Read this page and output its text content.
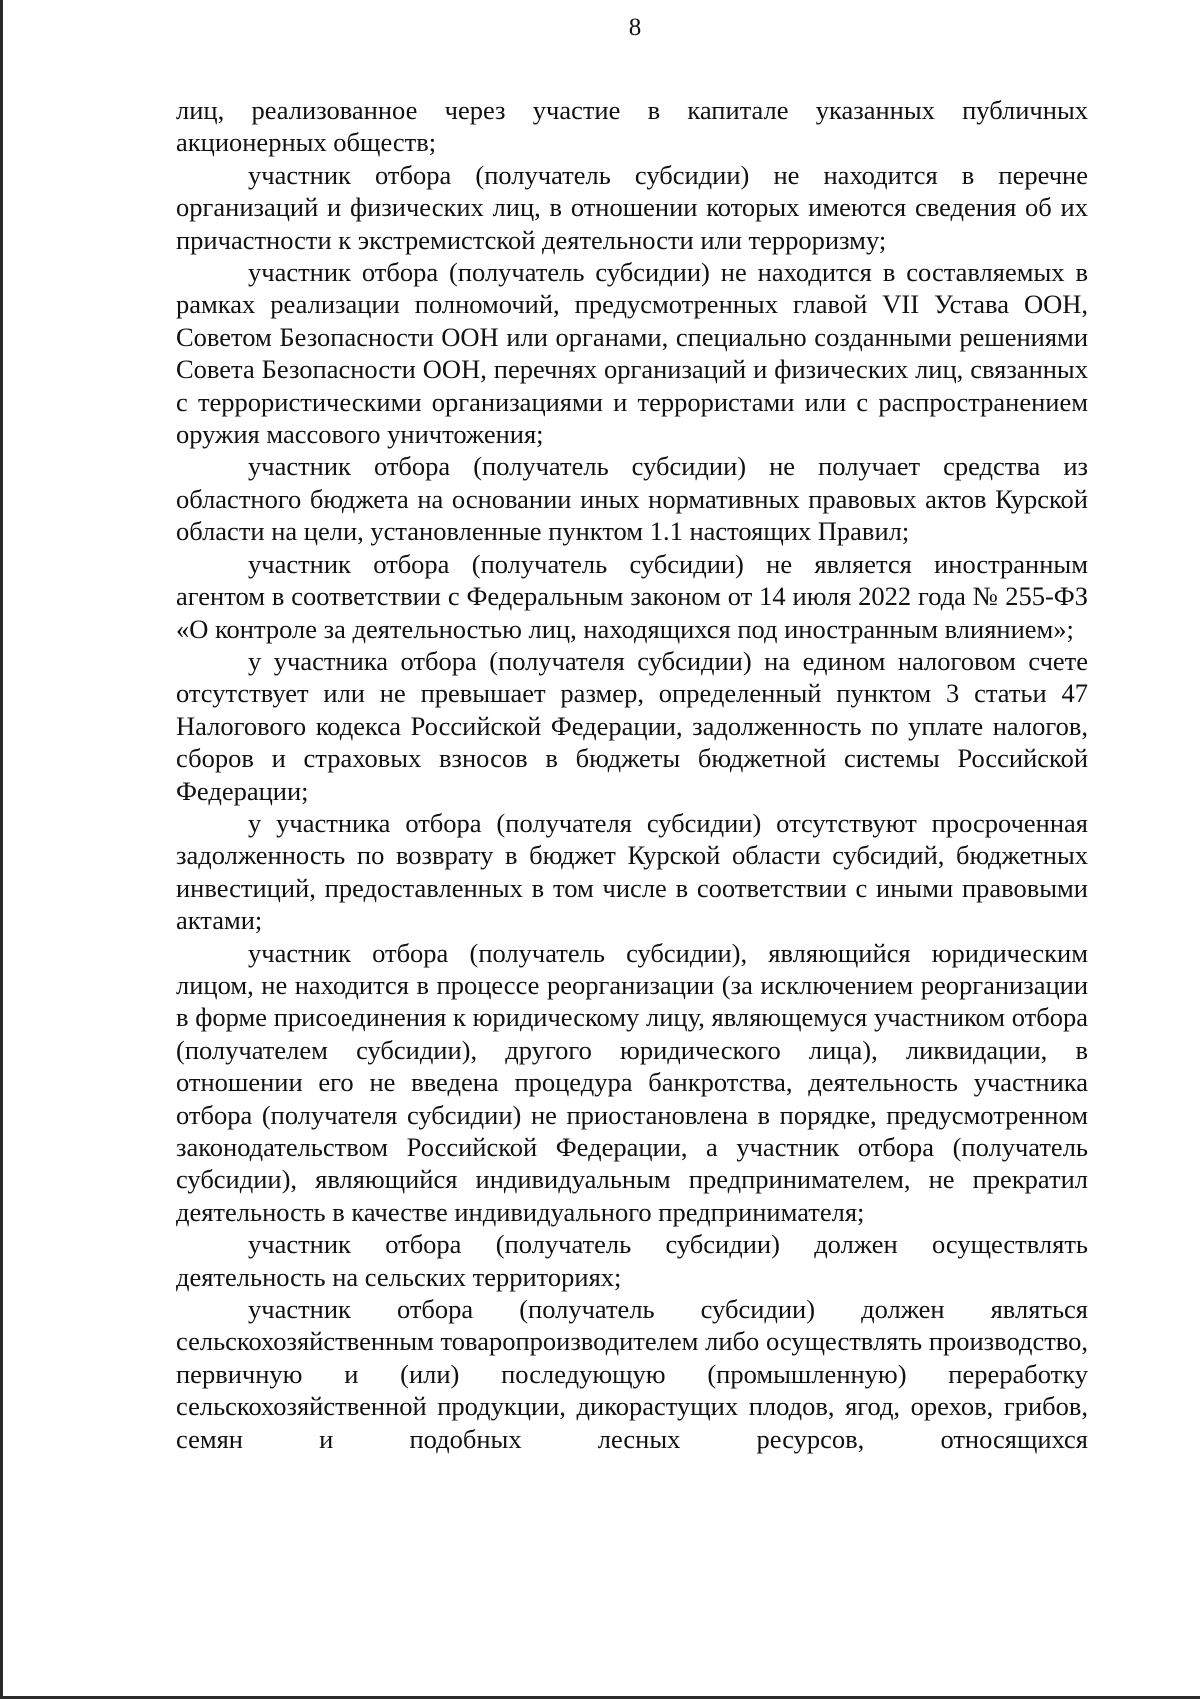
8

лиц, реализованное через участие в капитале указанных публичных акционерных обществ;

участник отбора (получатель субсидии) не находится в перечне организаций и физических лиц, в отношении которых имеются сведения об их причастности к экстремистской деятельности или терроризму;

участник отбора (получатель субсидии) не находится в составляемых в рамках реализации полномочий, предусмотренных главой VII Устава ООН, Советом Безопасности ООН или органами, специально созданными решениями Совета Безопасности ООН, перечнях организаций и физических лиц, связанных с террористическими организациями и террористами или с распространением оружия массового уничтожения;

участник отбора (получатель субсидии) не получает средства из областного бюджета на основании иных нормативных правовых актов Курской области на цели, установленные пунктом 1.1 настоящих Правил;

участник отбора (получатель субсидии) не является иностранным агентом в соответствии с Федеральным законом от 14 июля 2022 года № 255-ФЗ «О контроле за деятельностью лиц, находящихся под иностранным влиянием»;

у участника отбора (получателя субсидии) на едином налоговом счете отсутствует или не превышает размер, определенный пунктом 3 статьи 47 Налогового кодекса Российской Федерации, задолженность по уплате налогов, сборов и страховых взносов в бюджеты бюджетной системы Российской Федерации;

у участника отбора (получателя субсидии) отсутствуют просроченная задолженность по возврату в бюджет Курской области субсидий, бюджетных инвестиций, предоставленных в том числе в соответствии с иными правовыми актами;

участник отбора (получатель субсидии), являющийся юридическим лицом, не находится в процессе реорганизации (за исключением реорганизации в форме присоединения к юридическому лицу, являющемуся участником отбора (получателем субсидии), другого юридического лица), ликвидации, в отношении его не введена процедура банкротства, деятельность участника отбора (получателя субсидии) не приостановлена в порядке, предусмотренном законодательством Российской Федерации, а участник отбора (получатель субсидии), являющийся индивидуальным предпринимателем, не прекратил деятельность в качестве индивидуального предпринимателя;

участник отбора (получатель субсидии) должен осуществлять деятельность на сельских территориях;

участник отбора (получатель субсидии) должен являться сельскохозяйственным товаропроизводителем либо осуществлять производство, первичную и (или) последующую (промышленную) переработку сельскохозяйственной продукции, дикорастущих плодов, ягод, орехов, грибов, семян и подобных лесных ресурсов, относящихся
